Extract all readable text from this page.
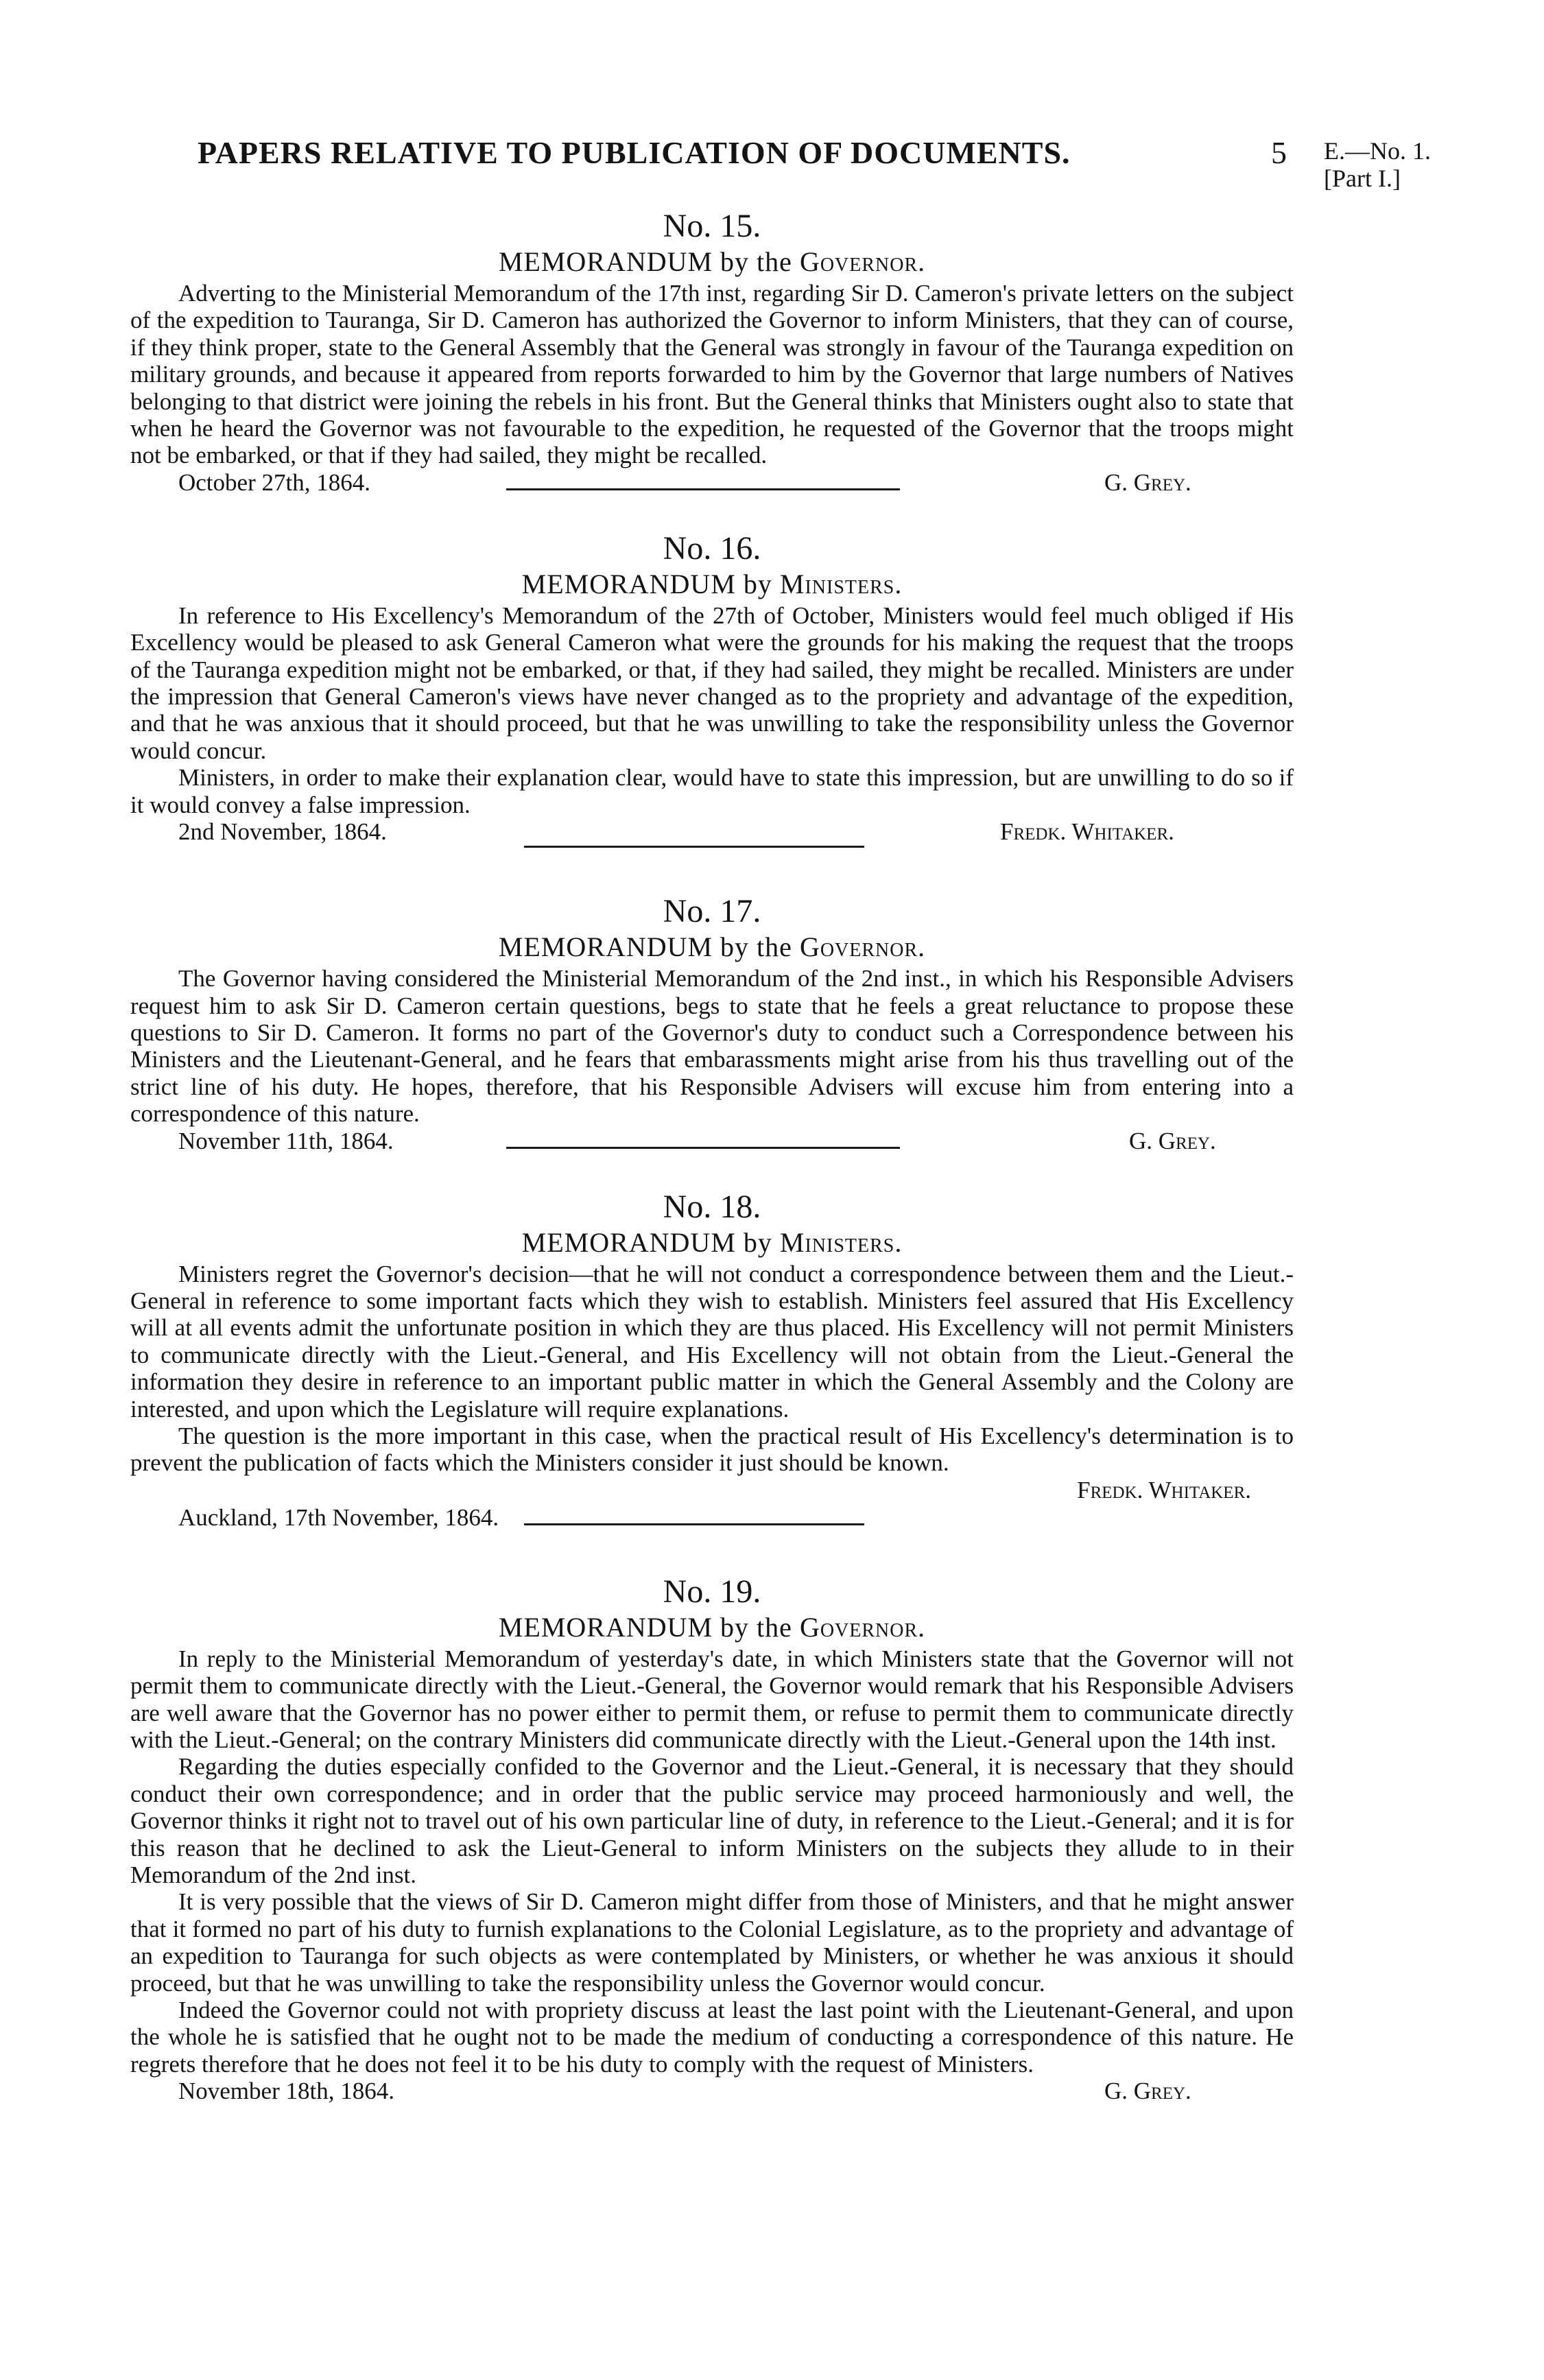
PAPERS RELATIVE TO PUBLICATION OF DOCUMENTS.	5 E.—No. 1.
[Part I.]
No. 15.
MEMORANDUM by the Governor.

Adverting to the Ministerial Memorandum of the 17th inst, regarding Sir D. Cameron's private letters on the subject of the expedition to Tauranga, Sir D. Cameron has authorized the Governor to inform Ministers, that they can of course, if they think proper, state to the General Assembly that the General was strongly in favour of the Tauranga expedition on military grounds, and because it appeared from reports forwarded to him by the Governor that large numbers of Natives belonging to that district were joining the rebels in his front. But the General thinks that Ministers ought also to state that when he heard the Governor was not favourable to the expedition, he requested of the Governor that the troops might not be embarked, or that if they had sailed, they might be recalled.

October 27th, 1864.	G. Grey.
No. 16.
MEMORANDUM by Ministers.

In reference to His Excellency's Memorandum of the 27th of October, Ministers would feel much obliged if His Excellency would be pleased to ask General Cameron what were the grounds for his making the request that the troops of the Tauranga expedition might not be embarked, or that, if they had sailed, they might be recalled. Ministers are under the impression that General Cameron's views have never changed as to the propriety and advantage of the expedition, and that he was anxious that it should proceed, but that he was unwilling to take the responsibility unless the Governor would concur.

Ministers, in order to make their explanation clear, would have to state this impression, but are unwilling to do so if it would convey a false impression.

2nd November, 1864.	Fredk. Whitaker.
No. 17.
MEMORANDUM by the Governor.

The Governor having considered the Ministerial Memorandum of the 2nd inst., in which his Responsible Advisers request him to ask Sir D. Cameron certain questions, begs to state that he feels a great reluctance to propose these questions to Sir D. Cameron. It forms no part of the Governor's duty to conduct such a Correspondence between his Ministers and the Lieutenant-General, and he fears that embarassments might arise from his thus travelling out of the strict line of his duty. He hopes, therefore, that his Responsible Advisers will excuse him from entering into a correspondence of this nature.

November 11th, 1864.	G. Grey.
No. 18.
MEMORANDUM by Ministers.

Ministers regret the Governor's decision—that he will not conduct a correspondence between them and the Lieut.-General in reference to some important facts which they wish to establish. Ministers feel assured that His Excellency will at all events admit the unfortunate position in which they are thus placed. His Excellency will not permit Ministers to communicate directly with the Lieut.-General, and His Excellency will not obtain from the Lieut.-General the information they desire in reference to an important public matter in which the General Assembly and the Colony are interested, and upon which the Legislature will require explanations.

The question is the more important in this case, when the practical result of His Excellency's determination is to prevent the publication of facts which the Ministers consider it just should be known.

Fredk. Whitaker.
Auckland, 17th November, 1864.
No. 19.
MEMORANDUM by the Governor.

In reply to the Ministerial Memorandum of yesterday's date, in which Ministers state that the Governor will not permit them to communicate directly with the Lieut.-General, the Governor would remark that his Responsible Advisers are well aware that the Governor has no power either to permit them, or refuse to permit them to communicate directly with the Lieut.-General; on the contrary Ministers did communicate directly with the Lieut.-General upon the 14th inst.

Regarding the duties especially confided to the Governor and the Lieut.-General, it is necessary that they should conduct their own correspondence; and in order that the public service may proceed harmoniously and well, the Governor thinks it right not to travel out of his own particular line of duty, in reference to the Lieut.-General; and it is for this reason that he declined to ask the Lieut-General to inform Ministers on the subjects they allude to in their Memorandum of the 2nd inst.

It is very possible that the views of Sir D. Cameron might differ from those of Ministers, and that he might answer that it formed no part of his duty to furnish explanations to the Colonial Legislature, as to the propriety and advantage of an expedition to Tauranga for such objects as were contemplated by Ministers, or whether he was anxious it should proceed, but that he was unwilling to take the responsibility unless the Governor would concur.

Indeed the Governor could not with propriety discuss at least the last point with the Lieutenant-General, and upon the whole he is satisfied that he ought not to be made the medium of conducting a correspondence of this nature. He regrets therefore that he does not feel it to be his duty to comply with the request of Ministers.

November 18th, 1864.	G. Grey.
